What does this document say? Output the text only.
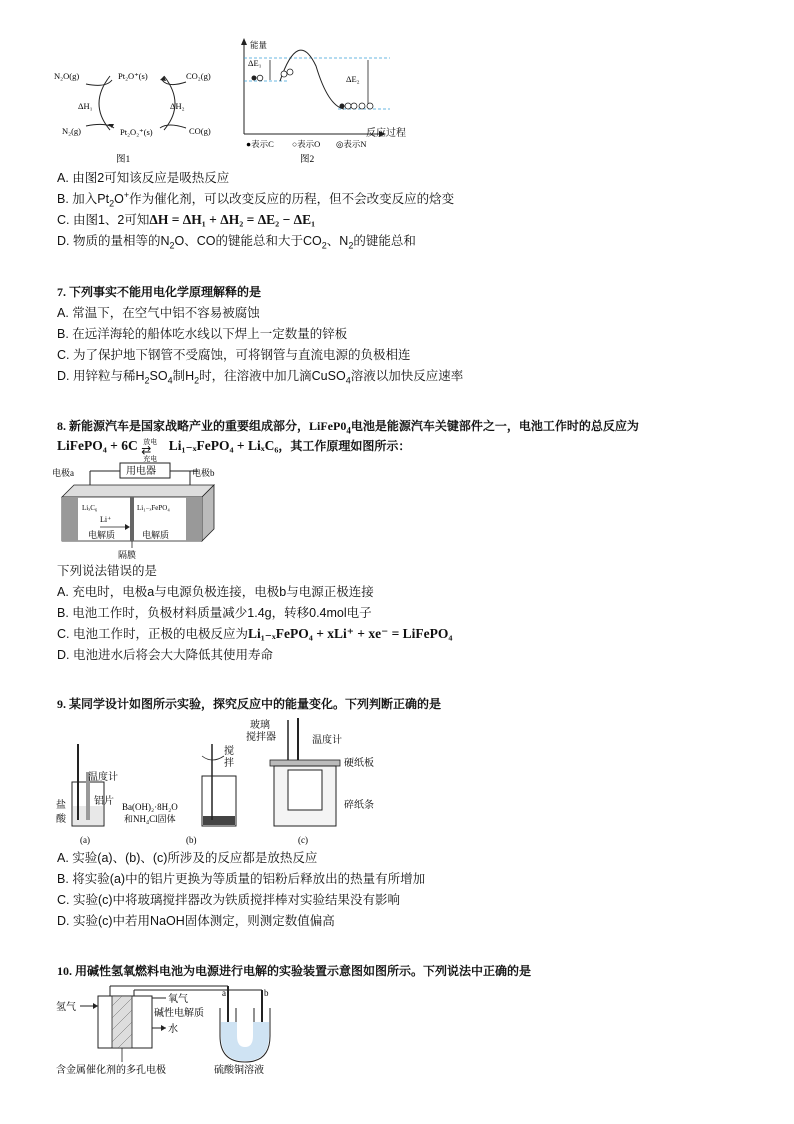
N₂O(g)
N₂(g)
Pt₂O⁺(s)
Pt₂O₂⁺(s)
CO₂(g)
CO(g)
ΔH₁	ΔH₂
图1
能量
ΔE₁
ΔE₂
●表示C ○表示O ◎表示N
图2
反应过程
A. 由图2可知该反应是吸热反应
B. 加入$Pt_2O^+$作为催化剂，可以改变反应的历程，但不会改变反应的焓变
C. 由图1、2可知ΔH = ΔH₁ + ΔH₂ = ΔE₂ − ΔE₁
D. 物质的量相等的$N_2O$、CO的键能总和大于$CO_2$、$N_2$的键能总和
7. 下列事实不能用电化学原理解释的是
A. 常温下，在空气中铝不容易被腐蚀
B. 在远洋海轮的船体吃水线以下焊上一定数量的锌板
C. 为了保护地下钢管不受腐蚀，可将钢管与直流电源的负极相连
D. 用锌粒与稀$H_2SO_4$制$H_2$时，往溶液中加几滴CuSO$_4$溶液以加快反应速率
8. 新能源汽车是国家战略产业的重要组成部分，$LiFeP0_4$电池是能源汽车关键部件之一，电池工作时的总反应为
LiFePO₄ + 6C 放电
⇄
充电
Li₁₋ₓFePO₄ + LiₓC₆，其工作原理如图所示：
用电器
电极a	电极b
LiₓC₆	Li₁₋ₓFePO₄
Li⁺
电解质	电解质
隔膜
下列说法错误的是
A. 充电时，电极a与电源负极连接，电极b与电源正极连接
B. 电池工作时，负极材料质量减少1.4g，转移0.4mol电子
C. 电池工作时，正极的电极反应为Li₁₋ₓFePO₄ + xLi⁺ + xe⁻ = LiFePO₄
D. 电池进水后将会大大降低其使用寿命
9. 某同学设计如图所示实验，探究反应中的能量变化。下列判断正确的是
温度计
铝片
盐
酸
(a)
搅
拌
Ba(OH)₂·8H₂O
和NH₄Cl固体
(b)
玻璃
搅拌器	温度计
硬纸板
碎纸条
(c)
A. 实验(a)、(b)、(c)所涉及的反应都是放热反应
B. 将实验(a)中的铝片更换为等质量的铝粉后释放出的热量有所增加
C. 实验(c)中将玻璃搅拌器改为铁质搅拌棒对实验结果没有影响
D. 实验(c)中若用NaOH固体测定，则测定数值偏高
10. 用碱性氢氧燃料电池为电源进行电解的实验装置示意图如图所示。下列说法中正确的是
氢气
氧气
碱性电解质
水
a	b
含金属催化剂的多孔电极	硫酸铜溶液
